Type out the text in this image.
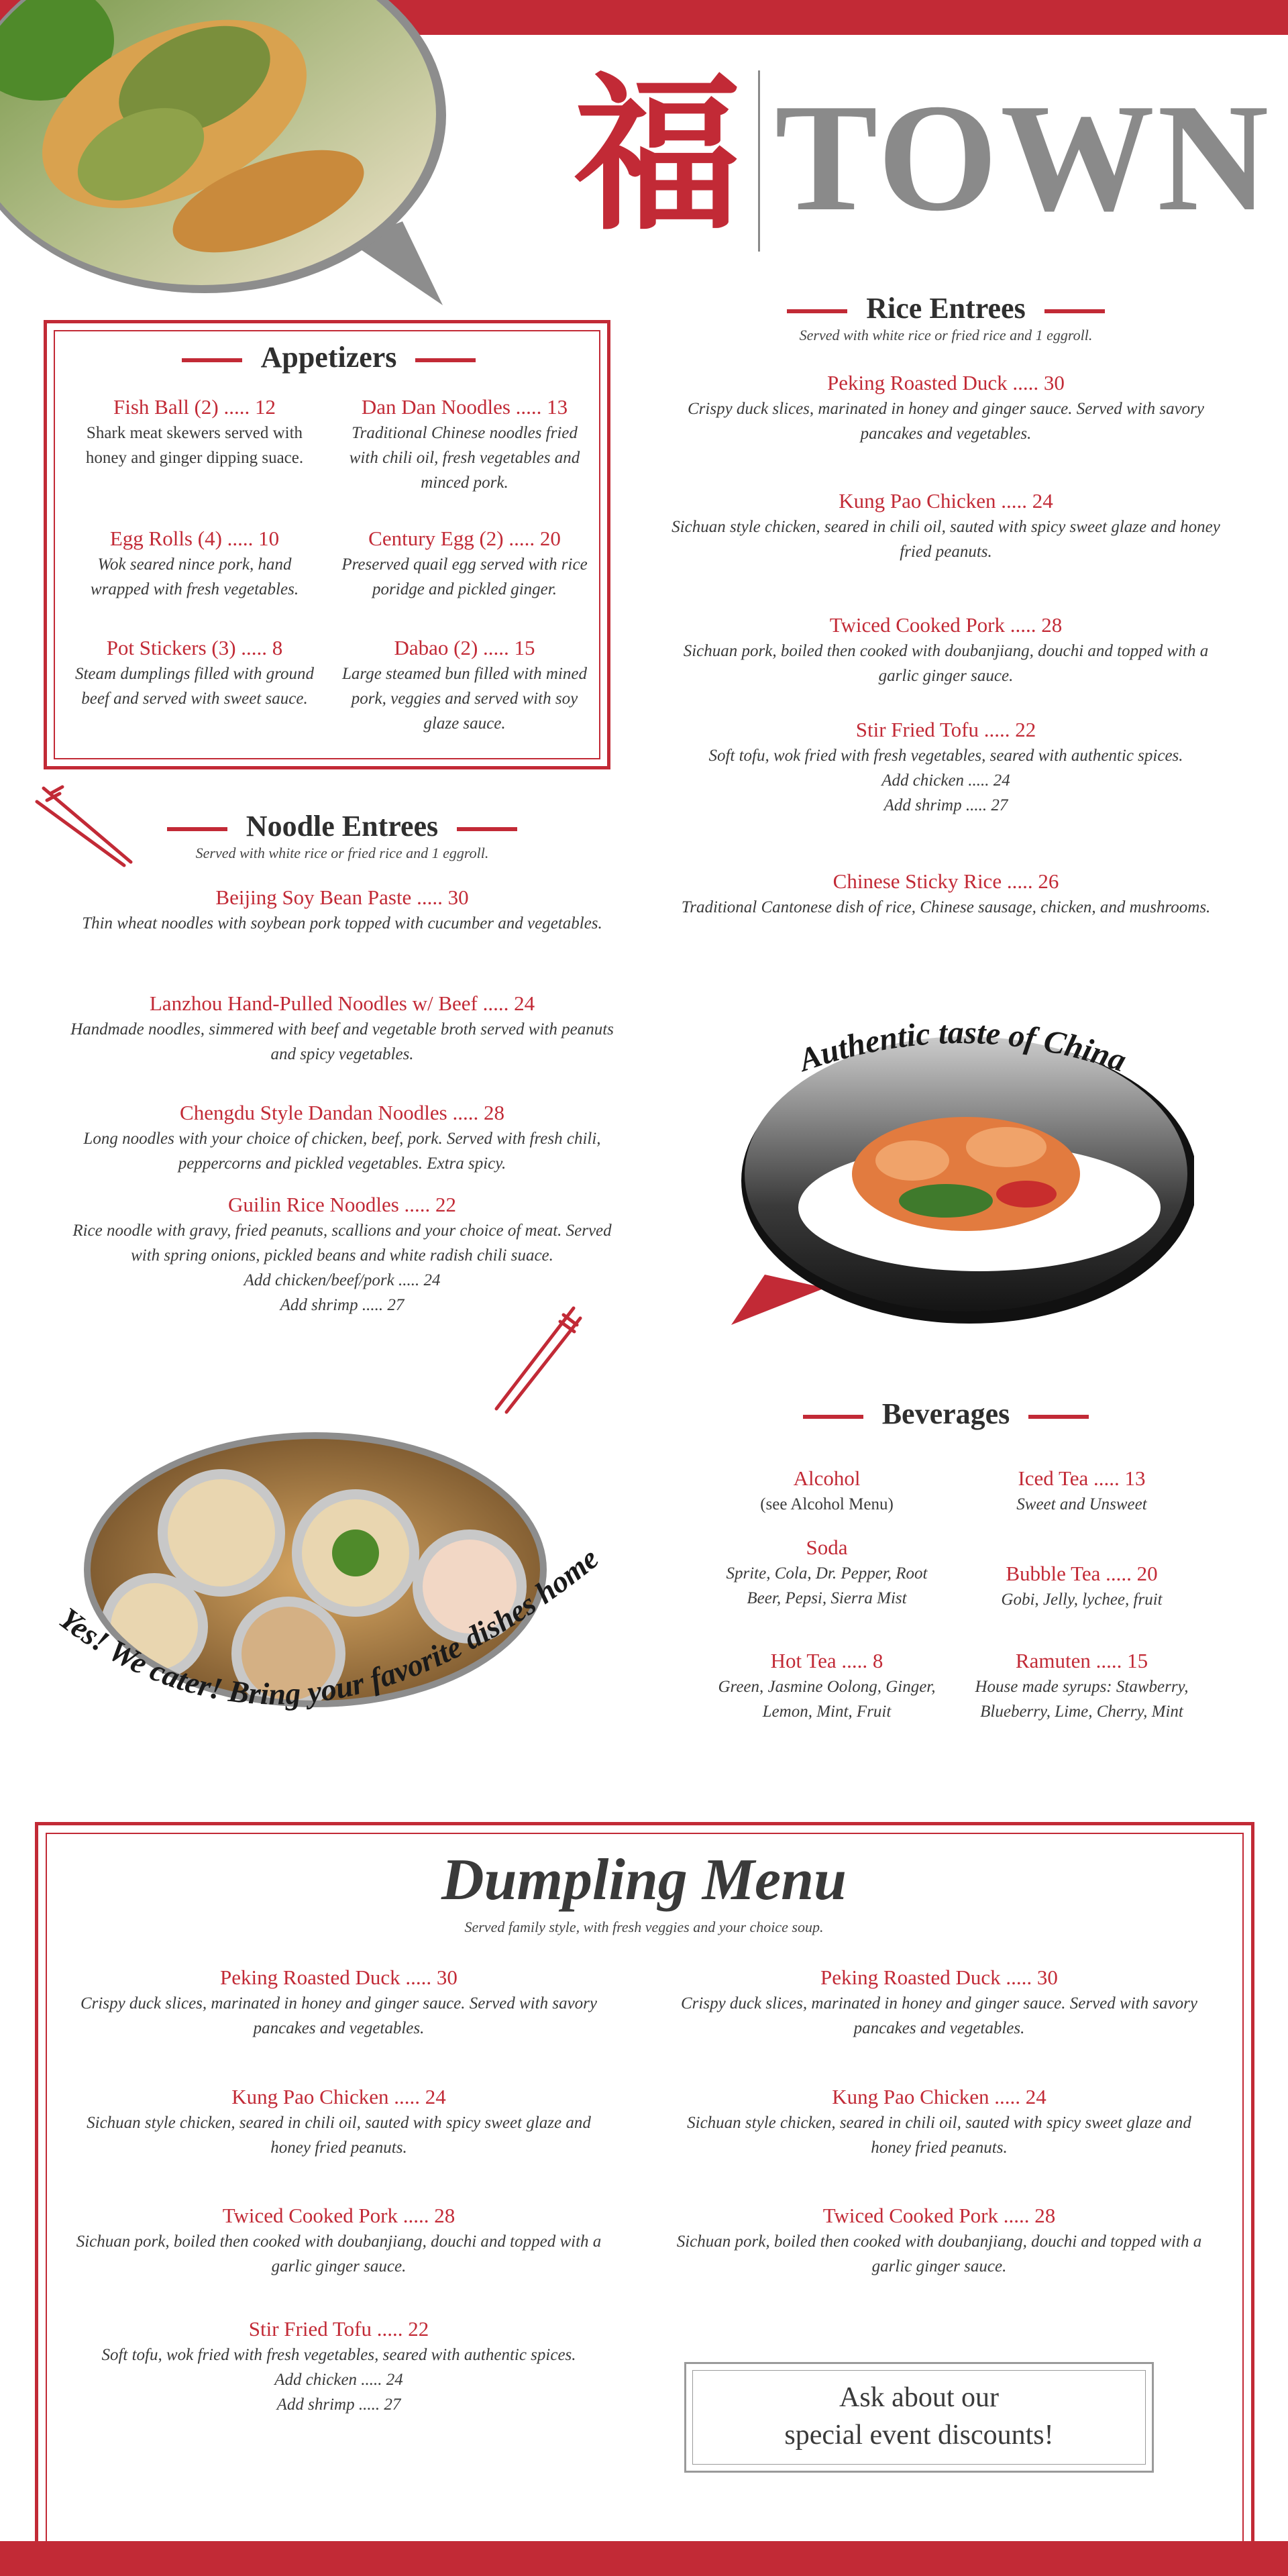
福 TOWN
Appetizers
Fish Ball (2) ..... 12
Shark meat skewers served with honey and ginger dipping suace.
Dan Dan Noodles ..... 13
Traditional Chinese noodles fried with chili oil, fresh vegetables and minced pork.
Egg Rolls (4) ..... 10
Wok seared nince pork, hand wrapped with fresh vegetables.
Century Egg (2) ..... 20
Preserved quail egg served with rice poridge and pickled ginger.
Pot Stickers (3) ..... 8
Steam dumplings filled with ground beef and served with sweet sauce.
Dabao (2) ..... 15
Large steamed bun filled with mined pork, veggies and served with soy glaze sauce.
Rice Entrees
Served with white rice or fried rice and 1 eggroll.
Peking Roasted Duck ..... 30
Crispy duck slices, marinated in honey and ginger sauce. Served with savory pancakes and vegetables.
Kung Pao Chicken ..... 24
Sichuan style chicken, seared in chili oil, sauted with spicy sweet glaze and honey fried peanuts.
Twiced Cooked Pork ..... 28
Sichuan pork, boiled then cooked with doubanjiang, douchi and topped with a garlic ginger sauce.
Stir Fried Tofu ..... 22
Soft tofu, wok fried with fresh vegetables, seared with authentic spices.
Add chicken ..... 24
Add shrimp ..... 27
Chinese Sticky Rice ..... 26
Traditional Cantonese dish of rice, Chinese sausage, chicken, and mushrooms.
Noodle Entrees
Served with white rice or fried rice and 1 eggroll.
Beijing Soy Bean Paste ..... 30
Thin wheat noodles with soybean pork topped with cucumber and vegetables.
Lanzhou Hand-Pulled Noodles w/ Beef ..... 24
Handmade noodles, simmered with beef and vegetable broth served with peanuts and spicy vegetables.
Chengdu Style Dandan Noodles ..... 28
Long noodles with your choice of chicken, beef, pork. Served with fresh chili, peppercorns and pickled vegetables. Extra spicy.
Guilin Rice Noodles ..... 22
Rice noodle with gravy, fried peanuts, scallions and your choice of meat. Served with spring onions, pickled beans and white radish chili suace.
Add chicken/beef/pork ..... 24
Add shrimp ..... 27
Authentic taste of China
Yes! We cater! Bring your favorite dishes home
Beverages
Alcohol
(see Alcohol Menu)
Iced Tea ..... 13
Sweet and Unsweet
Soda
Sprite, Cola, Dr. Pepper, Root Beer, Pepsi, Sierra Mist
Bubble Tea ..... 20
Gobi, Jelly, lychee, fruit
Hot Tea ..... 8
Green, Jasmine Oolong, Ginger, Lemon, Mint, Fruit
Ramuten ..... 15
House made syrups: Stawberry, Blueberry, Lime, Cherry, Mint
Dumpling Menu
Served family style, with fresh veggies and your choice soup.
Peking Roasted Duck ..... 30
Crispy duck slices, marinated in honey and ginger sauce. Served with savory pancakes and vegetables.
Kung Pao Chicken ..... 24
Sichuan style chicken, seared in chili oil, sauted with spicy sweet glaze and honey fried peanuts.
Twiced Cooked Pork ..... 28
Sichuan pork, boiled then cooked with doubanjiang, douchi and topped with a garlic ginger sauce.
Stir Fried Tofu ..... 22
Soft tofu, wok fried with fresh vegetables, seared with authentic spices.
Add chicken ..... 24
Add shrimp ..... 27
Peking Roasted Duck ..... 30
Crispy duck slices, marinated in honey and ginger sauce. Served with savory pancakes and vegetables.
Kung Pao Chicken ..... 24
Sichuan style chicken, seared in chili oil, sauted with spicy sweet glaze and honey fried peanuts.
Twiced Cooked Pork ..... 28
Sichuan pork, boiled then cooked with doubanjiang, douchi and topped with a garlic ginger sauce.
Ask about our
special event discounts!
